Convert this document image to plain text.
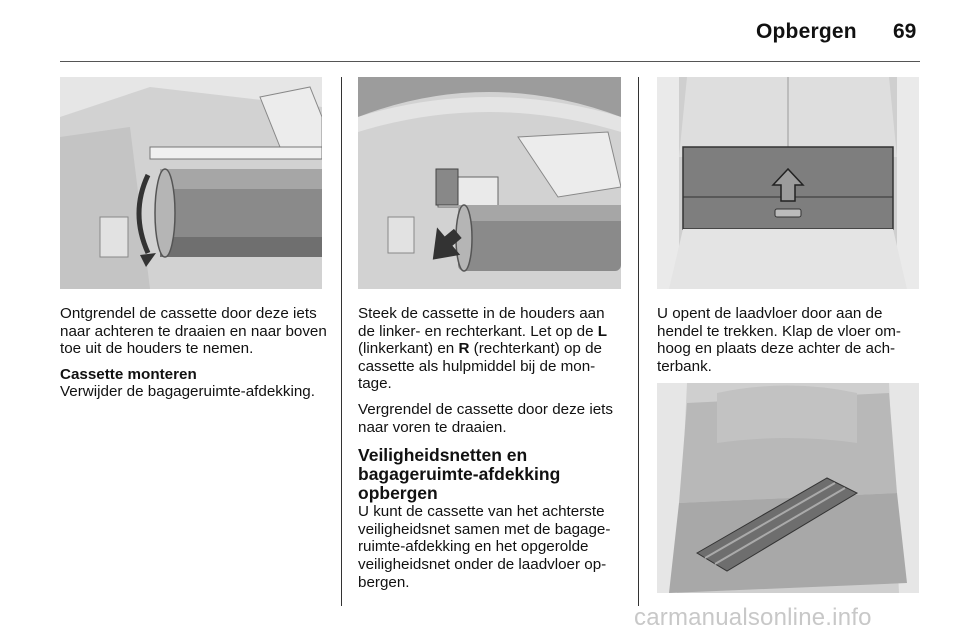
Opbergen 69

Ontgrendel de cassette door deze iets naar achteren te draaien en naar boven toe uit de houders te nemen.

Cassette monteren
Verwijder de bagageruimte-afdekking.

Steek de cassette in de houders aan de linker- en rechterkant. Let op de L (linkerkant) en R (rechterkant) op de cassette als hulpmiddel bij de mon-tage.

Vergrendel de cassette door deze iets naar voren te draaien.

Veiligheidsnetten en bagageruimte-afdekking opbergen

U kunt de cassette van het achterste veiligheidsnet samen met de bagage-ruimte-afdekking en het opgerolde veiligheidsnet onder de laadvloer op-bergen.

U opent de laadvloer door aan de hendel te trekken. Klap de vloer om-hoog en plaats deze achter de ach-terbank.

carmanualsonline.info
